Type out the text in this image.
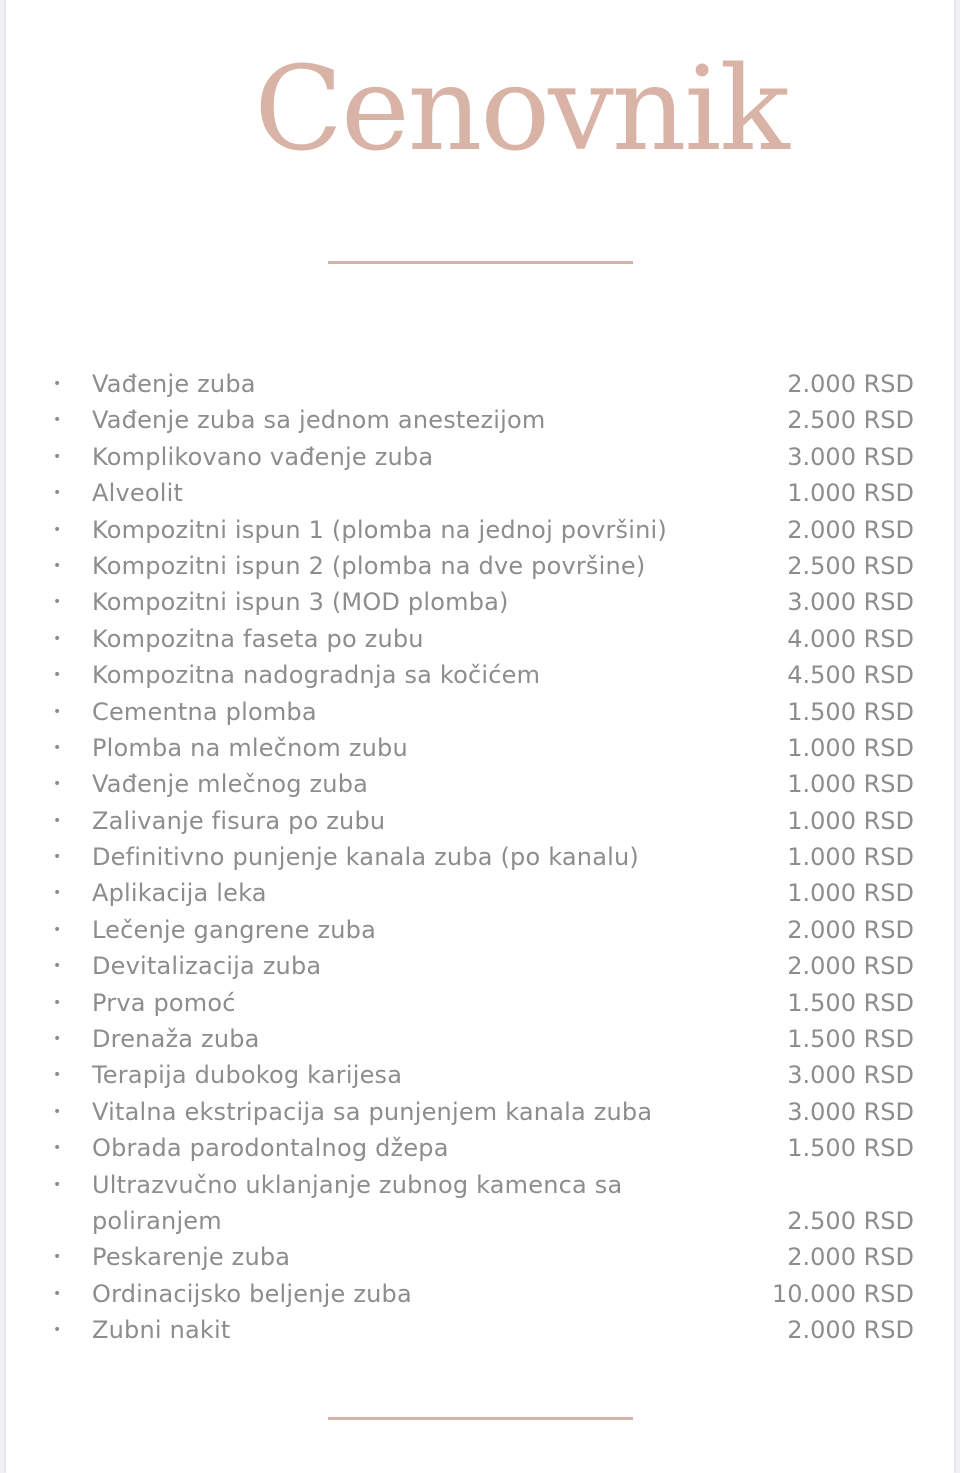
Cenovnik
• Vađenje zuba	2.000 RSD
• Vađenje zuba sa jednom anestezijom	2.500 RSD
• Komplikovano vađenje zuba	3.000 RSD
• Alveolit	1.000 RSD
• Kompozitni ispun 1 (plomba na jednoj površini)	2.000 RSD
• Kompozitni ispun 2 (plomba na dve površine)	2.500 RSD
• Kompozitni ispun 3 (MOD plomba)	3.000 RSD
• Kompozitna faseta po zubu	4.000 RSD
• Kompozitna nadogradnja sa kočićem	4.500 RSD
• Cementna plomba	1.500 RSD
• Plomba na mlečnom zubu	1.000 RSD
• Vađenje mlečnog zuba	1.000 RSD
• Zalivanje fisura po zubu	1.000 RSD
• Definitivno punjenje kanala zuba (po kanalu)	1.000 RSD
• Aplikacija leka	1.000 RSD
• Lečenje gangrene zuba	2.000 RSD
• Devitalizacija zuba	2.000 RSD
• Prva pomoć	1.500 RSD
• Drenaža zuba	1.500 RSD
• Terapija dubokog karijesa	3.000 RSD
• Vitalna ekstripacija sa punjenjem kanala zuba	3.000 RSD
• Obrada parodontalnog džepa	1.500 RSD
• Ultrazvučno uklanjanje zubnog kamenca sa poliranjem	2.500 RSD
• Peskarenje zuba	2.000 RSD
• Ordinacijsko beljenje zuba	10.000 RSD
• Zubni nakit	2.000 RSD
